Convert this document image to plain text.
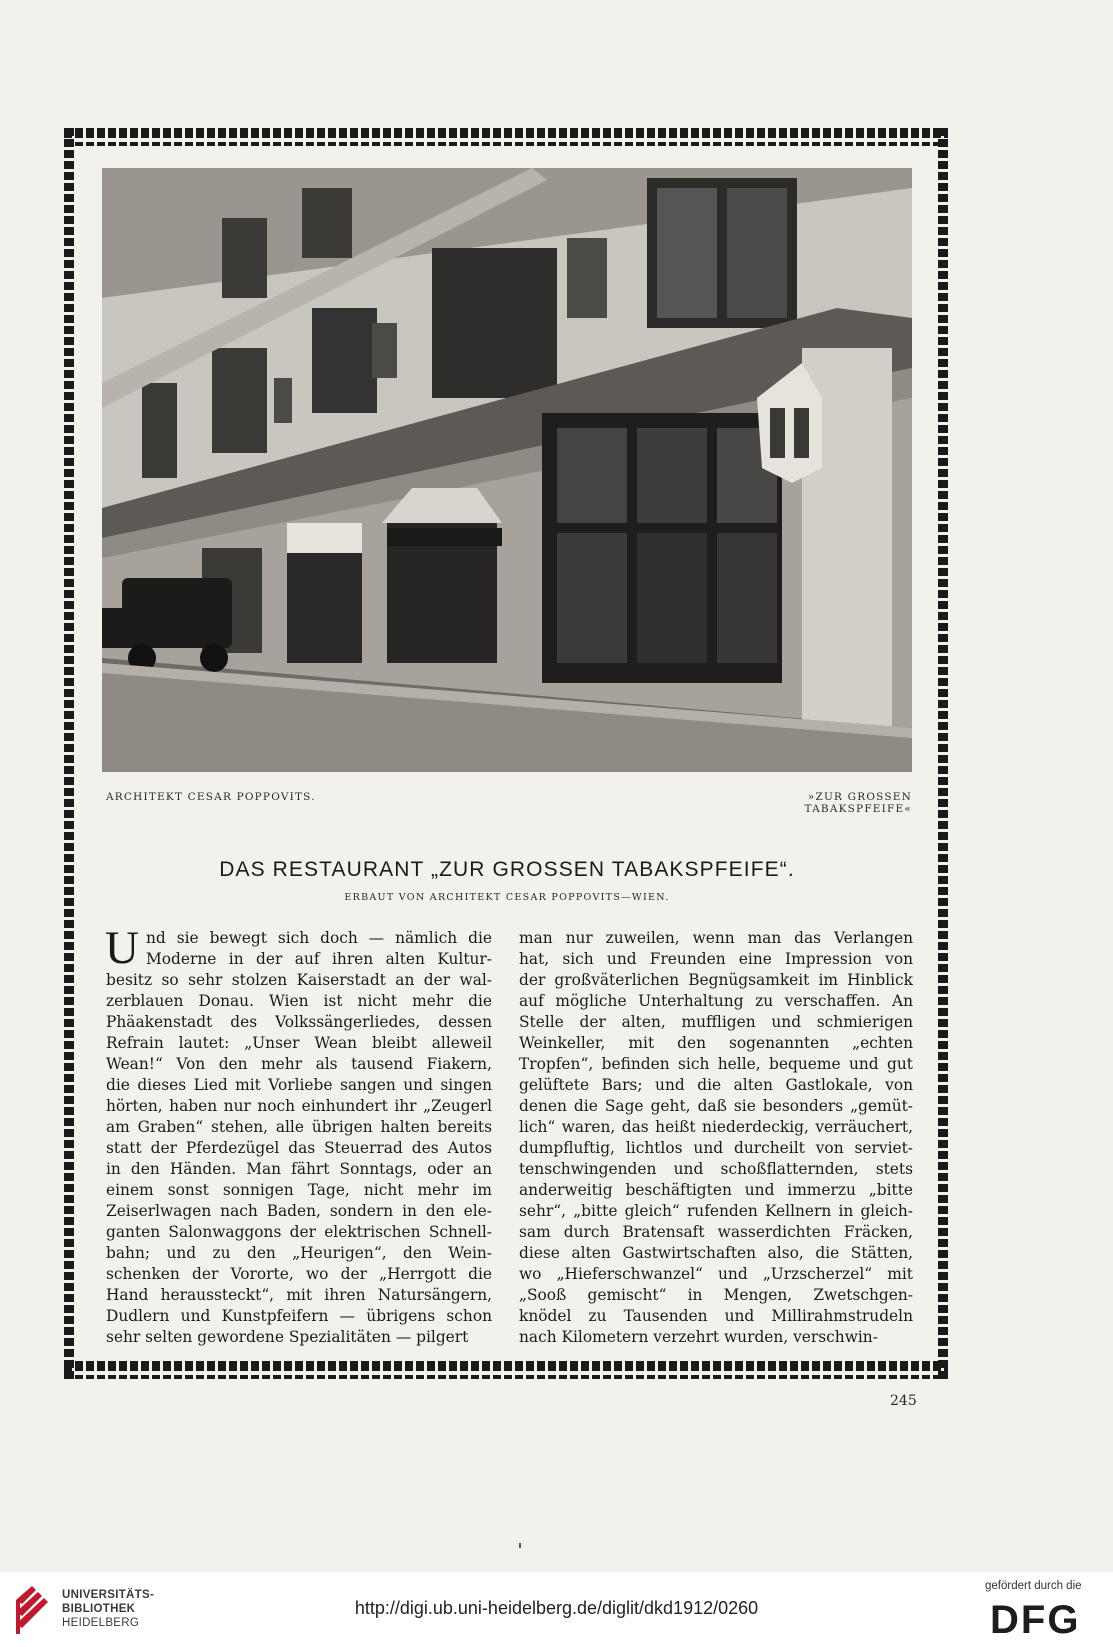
ARCHITEKT CESAR POPPOVITS.	»ZUR GROSSEN TABAKSPFEIFE«
DAS RESTAURANT „ZUR GROSSEN TABAKSPFEIFE“.
ERBAUT VON ARCHITEKT CESAR POPPOVITS—WIEN.
U nd sie bewegt sich doch — nämlich die
Moderne in der auf ihren alten Kultur-
besitz so sehr stolzen Kaiserstadt an der wal-
zerblauen Donau. Wien ist nicht mehr die
Phäakenstadt des Volkssängerliedes, dessen
Refrain lautet: „Unser Wean bleibt alleweil
Wean!“ Von den mehr als tausend Fiakern,
die dieses Lied mit Vorliebe sangen und singen
hörten, haben nur noch einhundert ihr „Zeugerl
am Graben“ stehen, alle übrigen halten bereits
statt der Pferdezügel das Steuerrad des Autos
in den Händen. Man fährt Sonntags, oder an
einem sonst sonnigen Tage, nicht mehr im
Zeiserlwagen nach Baden, sondern in den ele-
ganten Salonwaggons der elektrischen Schnell-
bahn; und zu den „Heurigen“, den Wein-
schenken der Vororte, wo der „Herrgott die
Hand heraussteckt“, mit ihren Natursängern,
Dudlern und Kunstpfeifern — übrigens schon
sehr selten gewordene Spezialitäten — pilgert
man nur zuweilen, wenn man das Verlangen
hat, sich und Freunden eine Impression von
der großväterlichen Begnügsamkeit im Hinblick
auf mögliche Unterhaltung zu verschaffen. An
Stelle der alten, muffligen und schmierigen
Weinkeller, mit den sogenannten „echten
Tropfen“, befinden sich helle, bequeme und gut
gelüftete Bars; und die alten Gastlokale, von
denen die Sage geht, daß sie besonders „gemüt-
lich“ waren, das heißt niederdeckig, verräuchert,
dumpfluftig, lichtlos und durcheilt von serviet-
tenschwingenden und schoßflatternden, stets
anderweitig beschäftigten und immerzu „bitte
sehr“, „bitte gleich“ rufenden Kellnern in gleich-
sam durch Bratensaft wasserdichten Fräcken,
diese alten Gastwirtschaften also, die Stätten,
wo „Hieferschwanzel“ und „Urzscherzel“ mit
„Sooß gemischt“ in Mengen, Zwetschgen-
knödel zu Tausenden und Millirahmstrudeln
nach Kilometern verzehrt wurden, verschwin-
245
UNIVERSITÄTS-
BIBLIOTHEK
HEIDELBERG
http://digi.ub.uni-heidelberg.de/diglit/dkd1912/0260
gefördert durch die
DFG
